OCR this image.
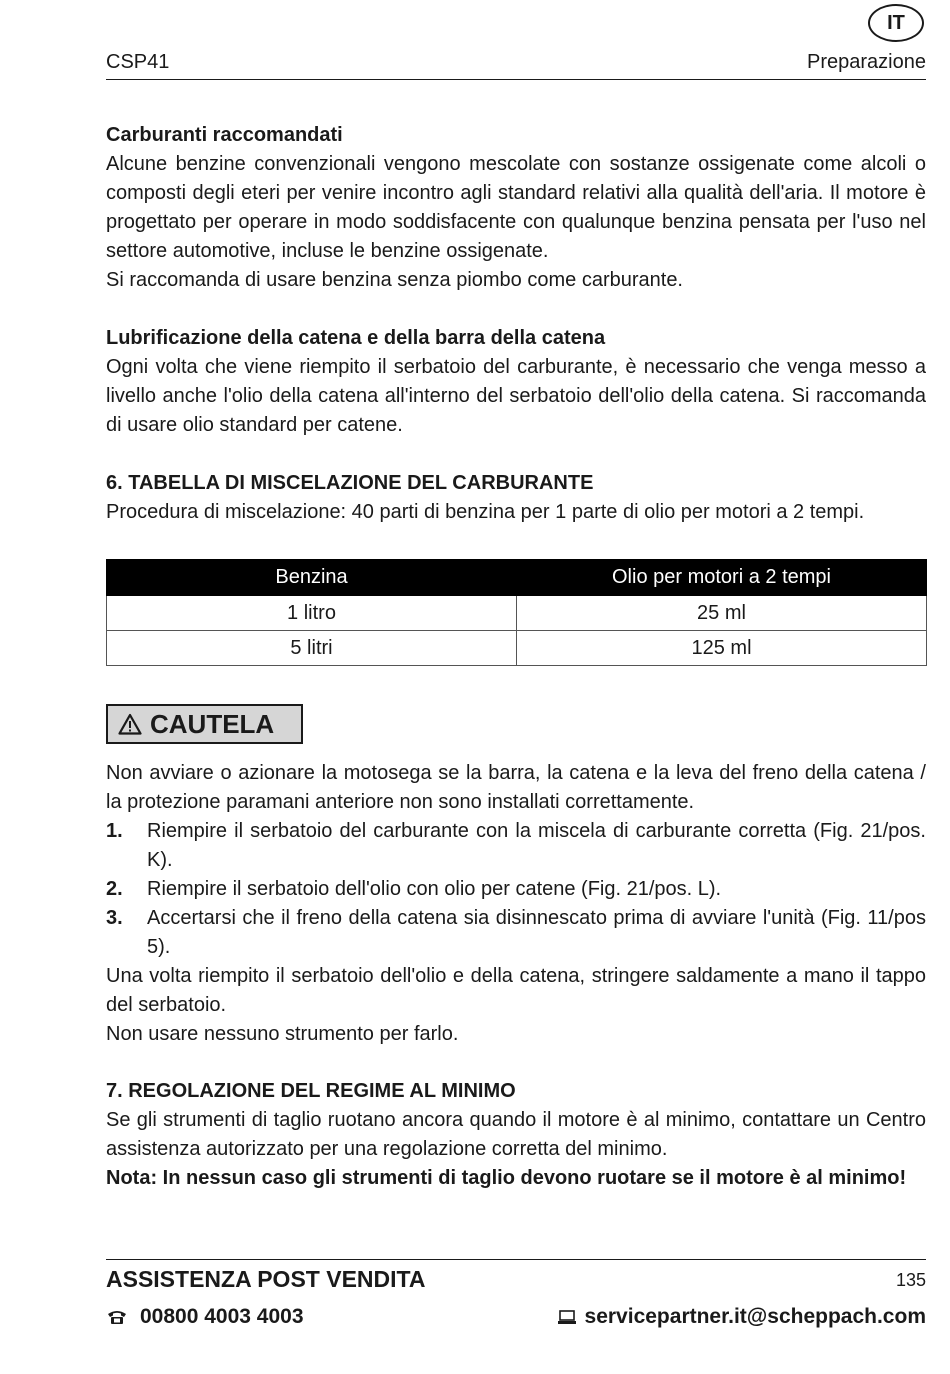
IT
CSP41	Preparazione

Carburanti raccomandati

Alcune benzine convenzionali vengono mescolate con sostanze ossigenate come alcoli o composti degli eteri per venire incontro agli standard relativi alla qualità dell'aria. Il motore è progettato per operare in modo soddisfacente con qualunque benzina pensata per l'uso nel settore automotive, incluse le benzine ossigenate.

Si raccomanda di usare benzina senza piombo come carburante.

Lubrificazione della catena e della barra della catena

Ogni volta che viene riempito il serbatoio del carburante, è necessario che venga messo a livello anche l'olio della catena all'interno del serbatoio dell'olio della catena. Si raccomanda di usare olio standard per catene.

6. TABELLA DI MISCELAZIONE DEL CARBURANTE

Procedura di miscelazione: 40 parti di benzina per 1 parte di olio per motori a 2 tempi.

Benzina	Olio per motori a 2 tempi
1 litro	25 ml
5 litri	125 ml
CAUTELA

Non avviare o azionare la motosega se la barra, la catena e la leva del freno della catena / la protezione paramani anteriore non sono installati correttamente.

1.	Riempire il serbatoio del carburante con la miscela di carburante corretta (Fig. 21/pos. K).
2.	Riempire il serbatoio dell'olio con olio per catene (Fig. 21/pos. L).
3.	Accertarsi che il freno della catena sia disinnescato prima di avviare l'unità (Fig. 11/pos 5).

Una volta riempito il serbatoio dell'olio e della catena, stringere saldamente a mano il tappo del serbatoio.

Non usare nessuno strumento per farlo.

7. REGOLAZIONE DEL REGIME AL MINIMO

Se gli strumenti di taglio ruotano ancora quando il motore è al minimo, contattare un Centro assistenza autorizzato per una regolazione corretta del minimo.

Nota: In nessun caso gli strumenti di taglio devono ruotare se il motore è al minimo!

ASSISTENZA POST VENDITA	135
00800 4003 4003	servicepartner.it@scheppach.com
